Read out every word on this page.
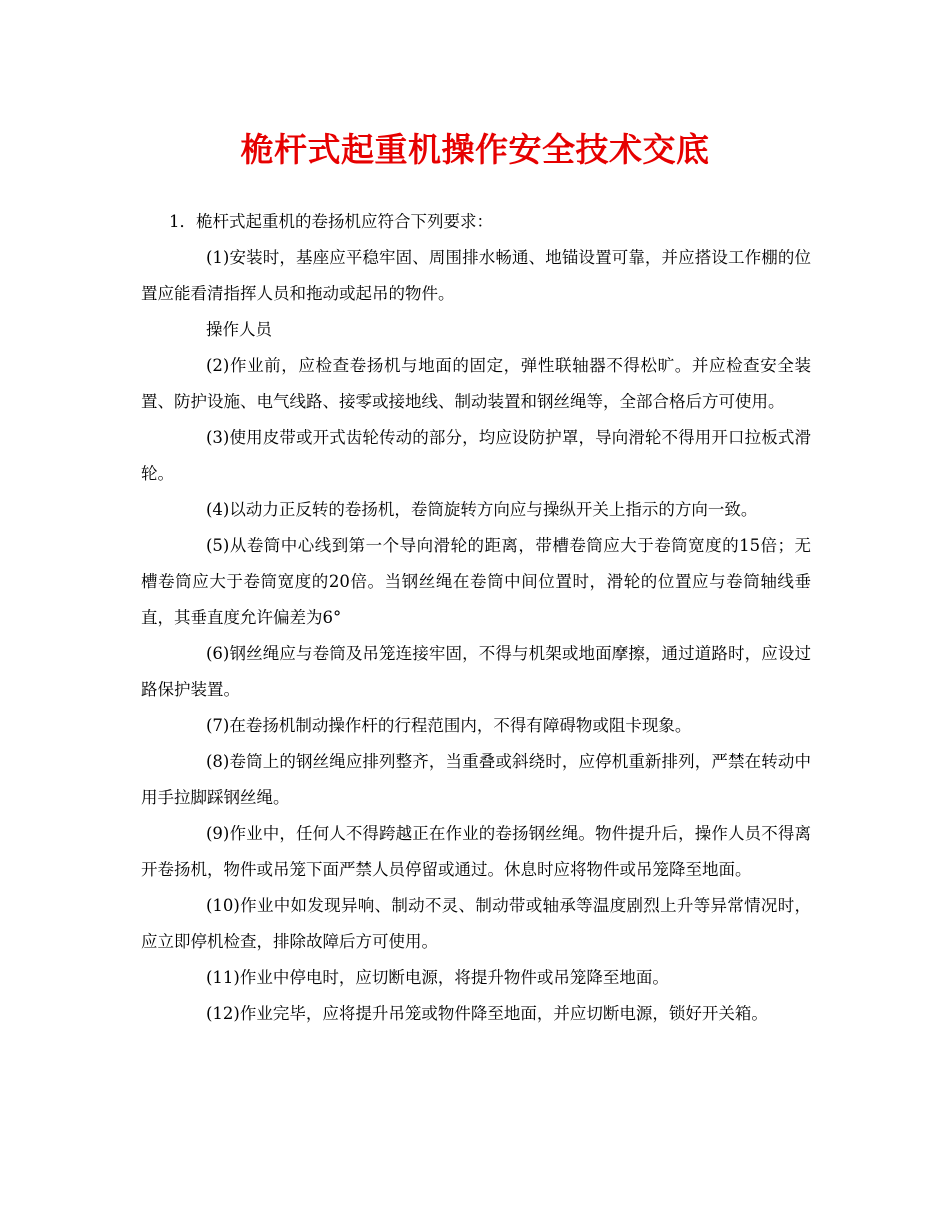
桅杆式起重机操作安全技术交底

1．桅杆式起重机的卷扬机应符合下列要求：

(1)安装时，基座应平稳牢固、周围排水畅通、地锚设置可靠，并应搭设工作棚的位置应能看清指挥人员和拖动或起吊的物件。

操作人员

(2)作业前，应检查卷扬机与地面的固定，弹性联轴器不得松旷。并应检查安全装置、防护设施、电气线路、接零或接地线、制动装置和钢丝绳等，全部合格后方可使用。

(3)使用皮带或开式齿轮传动的部分，均应设防护罩，导向滑轮不得用开口拉板式滑轮。

(4)以动力正反转的卷扬机，卷筒旋转方向应与操纵开关上指示的方向一致。

(5)从卷筒中心线到第一个导向滑轮的距离，带槽卷筒应大于卷筒宽度的15倍；无槽卷筒应大于卷筒宽度的20倍。当钢丝绳在卷筒中间位置时，滑轮的位置应与卷筒轴线垂直，其垂直度允许偏差为6°

(6)钢丝绳应与卷筒及吊笼连接牢固，不得与机架或地面摩擦，通过道路时，应设过路保护装置。

(7)在卷扬机制动操作杆的行程范围内，不得有障碍物或阻卡现象。

(8)卷筒上的钢丝绳应排列整齐，当重叠或斜绕时，应停机重新排列，严禁在转动中用手拉脚踩钢丝绳。

(9)作业中，任何人不得跨越正在作业的卷扬钢丝绳。物件提升后，操作人员不得离开卷扬机，物件或吊笼下面严禁人员停留或通过。休息时应将物件或吊笼降至地面。

(10)作业中如发现异响、制动不灵、制动带或轴承等温度剧烈上升等异常情况时，应立即停机检查，排除故障后方可使用。

(11)作业中停电时，应切断电源，将提升物件或吊笼降至地面。

(12)作业完毕，应将提升吊笼或物件降至地面，并应切断电源，锁好开关箱。
